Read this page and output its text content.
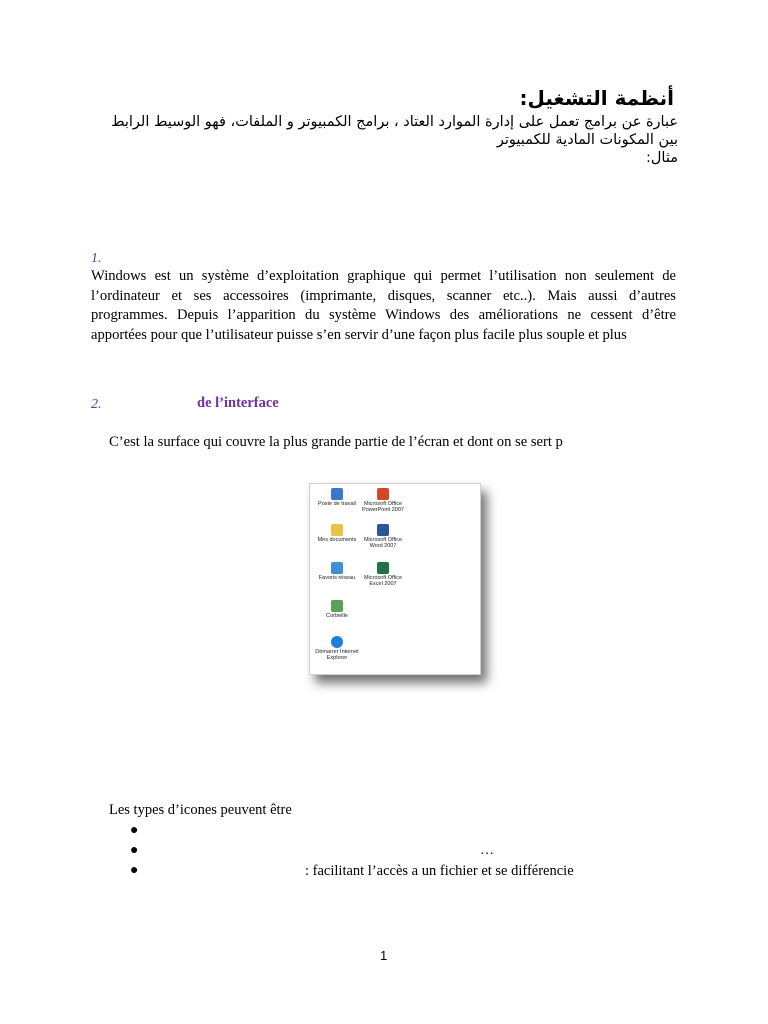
أنظمة التشغيل:
عبارة عن برامج تعمل على إدارة الموارد العتاد ، برامج الكمبيوتر و الملفات، فهو الوسيط الرابط بين المكونات المادية للكمبيوتر
مثال:
1.
Windows est un système d’exploitation graphique qui permet l’utilisation non seulement de l’ordinateur et ses accessoires (imprimante, disques, scanner etc..). Mais aussi d’autres programmes. Depuis l’apparition du système Windows des améliorations ne cessent d’être apportées pour que l’utilisateur puisse s’en servir d’une façon plus facile plus souple et plus
2.	de l’interface
C’est la surface qui couvre la plus grande partie de l’écran et dont on se sert p
Poste de travail	Microsoft Office PowerPoint 2007
Mes documents	Microsoft Office Word 2007
Favoris réseau	Microsoft Office Excel 2007
Corbeille
Démarrer Internet Explorer
Les types d’icones peuvent être
●
●
●
…
: facilitant l’accès a un fichier et se différencie
1
